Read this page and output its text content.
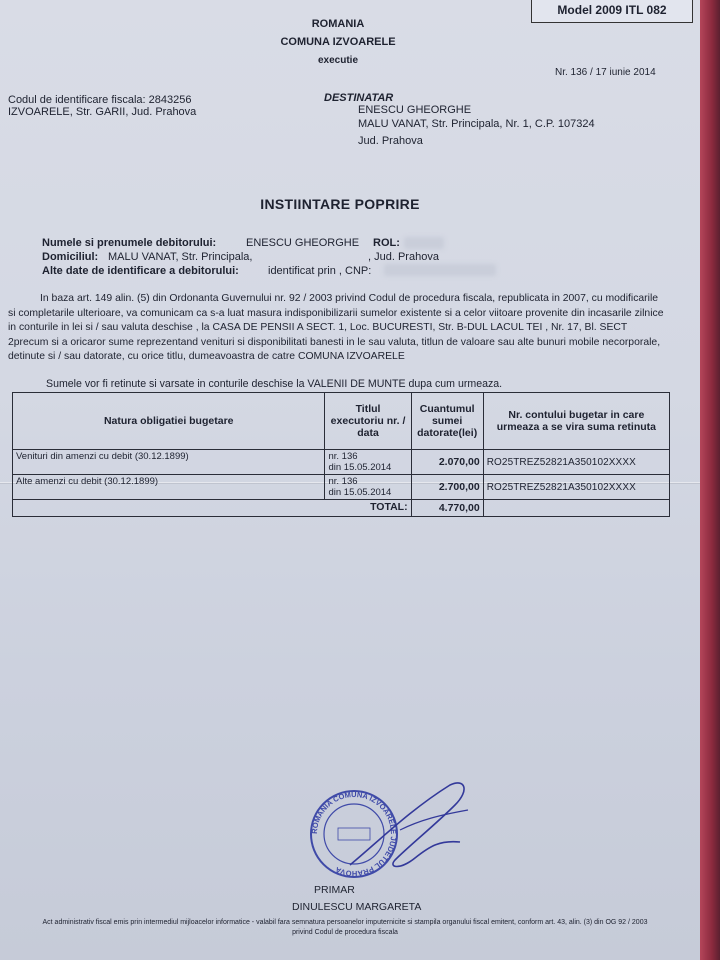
Model 2009 ITL 082
ROMANIA
COMUNA IZVOARELE
executie
Nr. 136 / 17 iunie 2014
Codul de identificare fiscala: 2843256
IZVOARELE, Str. GARII, Jud. Prahova
DESTINATAR
ENESCU GHEORGHE
MALU VANAT, Str. Principala, Nr. 1, C.P. 107324
Jud. Prahova
INSTIINTARE POPRIRE
Numele si prenumele debitorului:	ENESCU GHEORGHE ROL:
Domiciliul: MALU VANAT, Str. Principala,	, Jud. Prahova
Alte date de identificare a debitorului:	identificat prin , CNP:
In baza art. 149 alin. (5) din Ordonanta Guvernului nr. 92 / 2003 privind Codul de procedura fiscala, republicata in 2007, cu modificarile si completarile ulterioare, va comunicam ca s-a luat masura indisponibilizarii sumelor existente si a celor viitoare provenite din incasarile zilnice in conturile in lei si / sau valuta deschise , la CASA DE PENSII A SECT. 1, Loc. BUCURESTI, Str. B-DUL LACUL TEI , Nr. 17, Bl. SECT 2precum si a oricaror sume reprezentand venituri si disponibilitati banesti in le sau valuta, titlun de valoare sau alte bunuri mobile necorporale, detinute si / sau datorate, cu orice titlu, dumeavoastra de catre COMUNA IZVOARELE
Sumele vor fi retinute si varsate in conturile deschise la VALENII DE MUNTE dupa cum urmeaza.
Natura obligatiei bugetare	Titlul executoriu nr. / data	Cuantumul sumei datorate(lei)	Nr. contului bugetar in care urmeaza a se vira suma retinuta
Venituri din amenzi cu debit (30.12.1899)	nr. 136
din 15.05.2014	2.070,00	RO25TREZ52821A350102XXXX
Alte amenzi cu debit (30.12.1899)	nr. 136
din 15.05.2014	2.700,00	RO25TREZ52821A350102XXXX
TOTAL:		4.770,00	
ROMANIA COMUNA IZVOARELE JUDETUL PRAHOVA
PRIMAR
DINULESCU MARGARETA
Act administrativ fiscal emis prin intermediul mijloacelor informatice - valabil fara semnatura persoanelor imputernicite si stampila organului fiscal emitent, conform art. 43, alin. (3) din OG 92 / 2003 privind Codul de procedura fiscala
